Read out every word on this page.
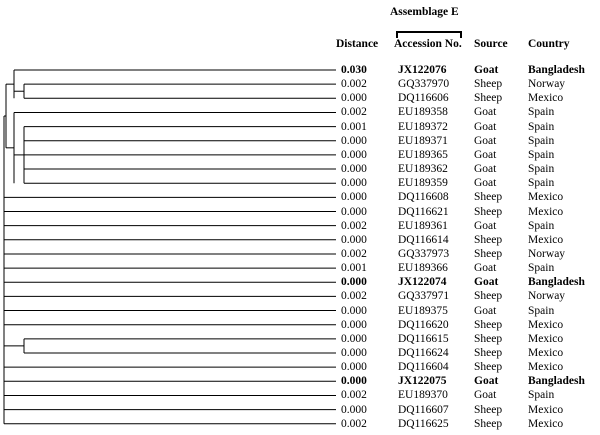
Assemblage E
Distance Accession No. Source Country
0.030	JX122076	Goat	Bangladesh
0.002	GQ337970	Sheep	Norway
0.000	DQ116606	Sheep	Mexico
0.002	EU189358	Goat	Spain
0.001	EU189372	Goat	Spain
0.000	EU189371	Goat	Spain
0.000	EU189365	Goat	Spain
0.000	EU189362	Goat	Spain
0.000	EU189359	Goat	Spain
0.000	DQ116608	Sheep	Mexico
0.000	DQ116621	Sheep	Mexico
0.002	EU189361	Goat	Spain
0.000	DQ116614	Sheep	Mexico
0.002	GQ337973	Sheep	Norway
0.001	EU189366	Goat	Spain
0.000	JX122074	Goat	Bangladesh
0.002	GQ337971	Sheep	Norway
0.000	EU189375	Goat	Spain
0.000	DQ116620	Sheep	Mexico
0.000	DQ116615	Sheep	Mexico
0.000	DQ116624	Sheep	Mexico
0.000	DQ116604	Sheep	Mexico
0.000	JX122075	Goat	Bangladesh
0.002	EU189370	Goat	Spain
0.000	DQ116607	Sheep	Mexico
0.002	DQ116625	Sheep	Mexico
